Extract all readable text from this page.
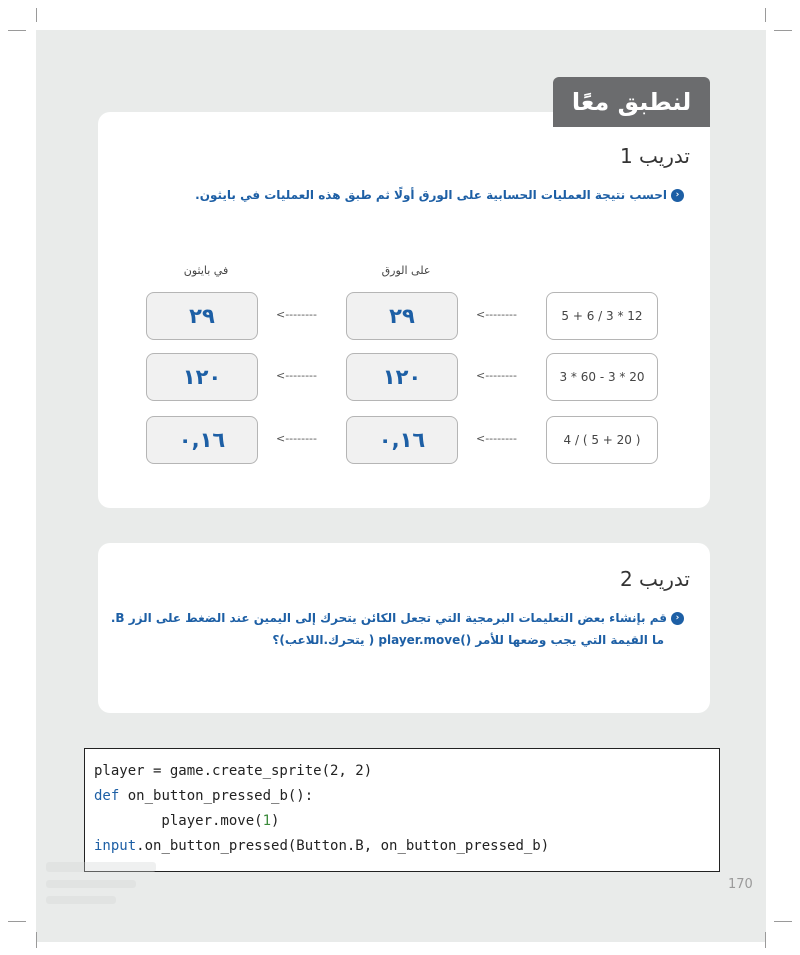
تدريب 1
‹احسب نتيجة العمليات الحسابية على الورق أولًا ثم طبق هذه العمليات في بايثون.
على الورق
في بايثون
5 + 6 / 3 * 12
<--------
٢٩
<--------
٢٩
3 * 60 - 3 * 20
<--------
١٢٠
<--------
١٢٠
4 / ( 5 + 20 )
<--------
٠,١٦
<--------
٠,١٦
لنطبق معًا
تدريب 2
‹قم بإنشاء بعض التعليمات البرمجية التي تجعل الكائن يتحرك إلى اليمين عند الضغط على الزر B.
ما القيمة التي يجب وضعها للأمر ()player.move ( يتحرك.اللاعب)؟
player = game.create_sprite(2, 2)
def on_button_pressed_b():
player.move(1)
input.on_button_pressed(Button.B, on_button_pressed_b)
170
